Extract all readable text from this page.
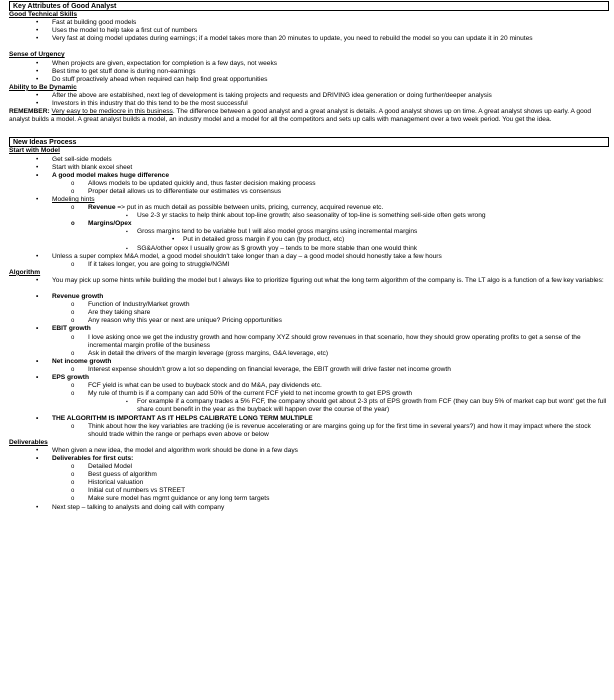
Key Attributes of Good Analyst
Good Technical Skills
• Fast at building good models
• Uses the model to help take a first cut of numbers
• Very fast at doing model updates during earnings; if a model takes more than 20 minutes to update, you need to rebuild the model so you can update it in 20 minutes
Sense of Urgency
• When projects are given, expectation for completion is a few days, not weeks
• Best time to get stuff done is during non-earnings
• Do stuff proactively ahead when required can help find great opportunities
Ability to Be Dynamic
• After the above are established, next leg of development is taking projects and requests and DRIVING idea generation or doing further/deeper analysis
• Investors in this industry that do this tend to be the most successful
REMEMBER: Very easy to be mediocre in this business. The difference between a good analyst and a great analyst is details. A good analyst shows up on time. A great analyst shows up early. A good analyst builds a model. A great analyst builds a model, an industry model and a model for all the competitors and sets up calls with management over a two week period. You get the idea.
New Ideas Process
Start with Model
• Get sell-side models
• Start with blank excel sheet
• A good model makes huge difference
o Allows models to be updated quickly and, thus faster decision making process
o Proper detail allows us to differentiate our estimates vs consensus
• Modeling hints
o Revenue => put in as much detail as possible between units, pricing, currency, acquired revenue etc.
▪ Use 2-3 yr stacks to help think about top-line growth; also seasonality of top-line is something sell-side often gets wrong
o Margins/Opex
▪ Gross margins tend to be variable but I will also model gross margins using incremental margins
• Put in detailed gross margin if you can (by product, etc)
▪ SG&A/other opex I usually grow as $ growth yoy – tends to be more stable than one would think
• Unless a super complex M&A model, a good model shouldn't take longer than a day – a good model should honestly take a few hours
o If it takes longer, you are going to struggle/NGMI
Algorithm
• You may pick up some hints while building the model but I always like to prioritize figuring out what the long term algorithm of the company is. The LT algo is a function of a few key variables:
• Revenue growth
o Function of Industry/Market growth
o Are they taking share
o Any reason why this year or next are unique? Pricing opportunities
• EBIT growth
o I love asking once we get the industry growth and how company XYZ should grow revenues in that scenario, how they should grow operating profits to get a sense of the incremental margin profile of the business
o Ask in detail the drivers of the margin leverage (gross margins, G&A leverage, etc)
• Net income growth
o Interest expense shouldn't grow a lot so depending on financial leverage, the EBIT growth will drive faster net income growth
• EPS growth
o FCF yield is what can be used to buyback stock and do M&A, pay dividends etc.
o My rule of thumb is if a company can add 50% of the current FCF yield to net income growth to get EPS growth
▪ For example if a company trades a 5% FCF, the company should get about 2-3 pts of EPS growth from FCF (they can buy 5% of market cap but wont' get the full share count benefit in the year as the buyback will happen over the course of the year)
• THE ALGORITHM IS IMPORTANT AS IT HELPS CALIBRATE LONG TERM MULTIPLE
o Think about how the key variables are tracking (ie is revenue accelerating or are margins going up for the first time in several years?) and how it may impact where the stock should trade within the range or perhaps even above or below
Deliverables
• When given a new idea, the model and algorithm work should be done in a few days
• Deliverables for first cuts:
o Detailed Model
o Best guess of algorithm
o Historical valuation
o Initial cut of numbers vs STREET
o Make sure model has mgmt guidance or any long term targets
• Next step – talking to analysts and doing call with company
